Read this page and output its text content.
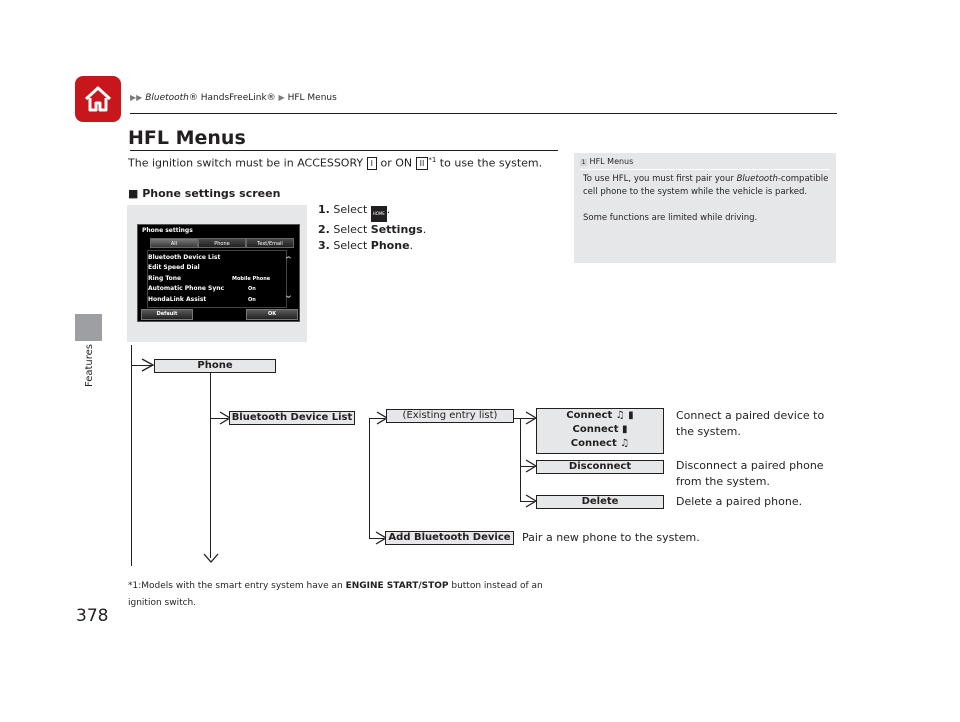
Features
378
▶▶ Bluetooth® HandsFreeLink® ▶ HFL Menus
HFL Menus
The ignition switch must be in ACCESSORY I or ON II $^{*1}$ to use the system.
■ Phone settings screen
Phone settings
All	Phone	Text/Email
Bluetooth Device List
Edit Speed Dial
Ring Tone	Mobile Phone
Automatic Phone Sync	On
HondaLink Assist	On
︽
︾
Default	OK
1. Select HOME .
2. Select Settings.
3. Select Phone.
1 HFL Menus
To use HFL, you must first pair your Bluetooth-compatible cell phone to the system while the vehicle is parked.

Some functions are limited while driving.
Phone
Bluetooth Device List	(Existing entry list)	Connect ♫ ▮
Connect ▮
Connect ♫
Connect a paired device to the system.
Disconnect	Disconnect a paired phone from the system.
Delete	Delete a paired phone.
Add Bluetooth Device	Pair a new phone to the system.
*1:Models with the smart entry system have an ENGINE START/STOP button instead of an ignition switch.
